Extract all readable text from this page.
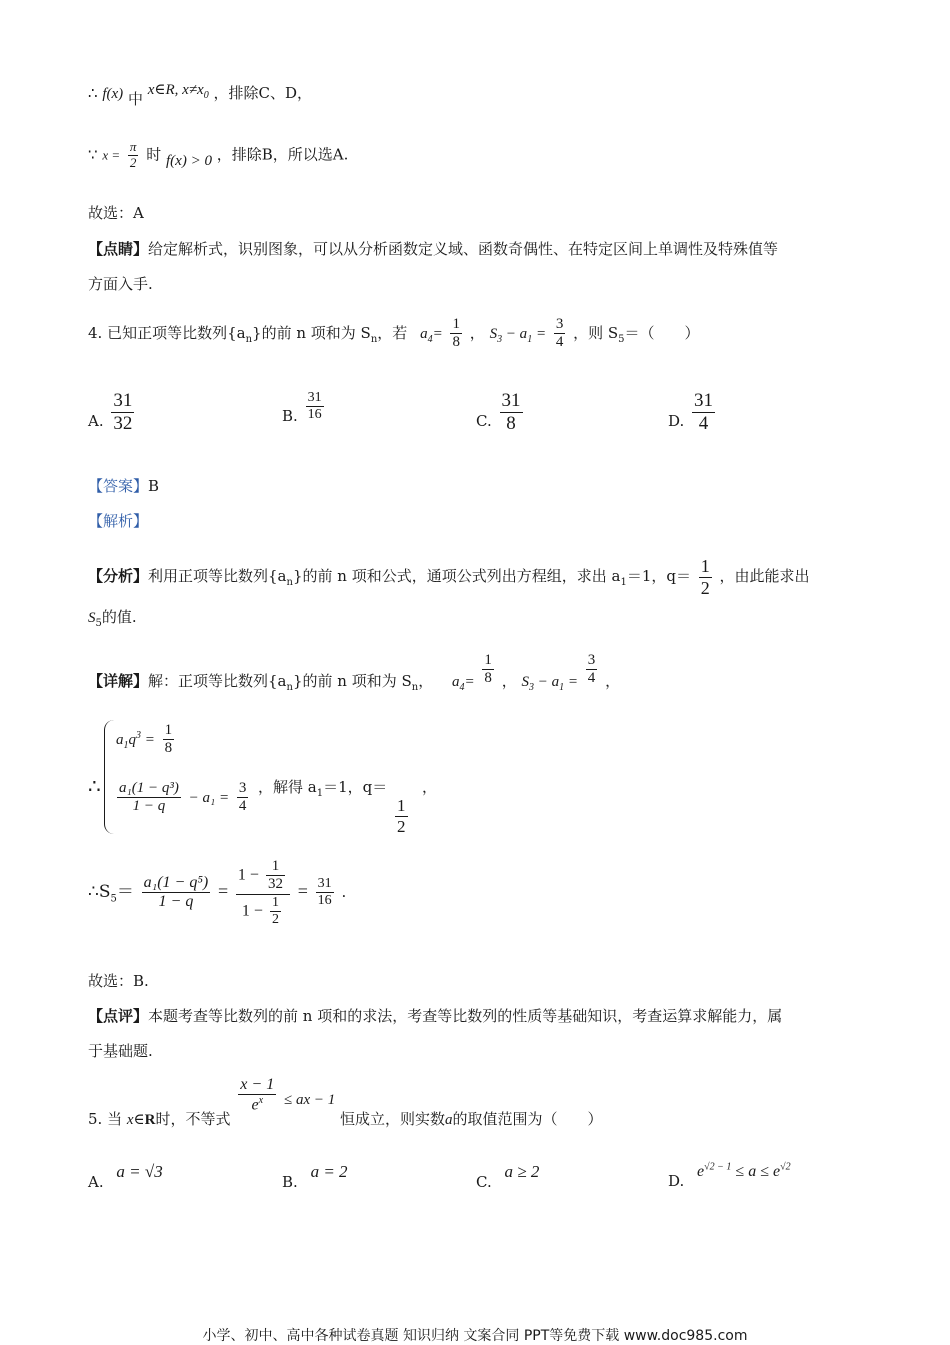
∴ f(x) 中 x∈R, $x\ne x_0$ ，排除C、D，
∵ $x = \frac{\pi}{2}$ 时 f(x) > 0 ，排除B，所以选A.
故选：A
【点睛】给定解析式，识别图象，可以从分析函数定义域、函数奇偶性、在特定区间上单调性及特殊值等
方面入手.
4. 已知正项等比数列$\{a_n\}$的前 n 项和为 $S_n$，若 $a_4= \frac{1}{8}$ ， $S_3 - a_1 = \frac{3}{4}$ ，则 $S_5=$（　　）
A. $\frac{31}{32}$	B. $\frac{31}{16}$	C. $\frac{31}{8}$	D. $\frac{31}{4}$
【答案】B
【解析】
【分析】利用正项等比数列$\{a_n\}$的前 n 项和公式，通项公式列出方程组，求出 $a_1=1$，$q= \frac{1}{2}$ ，由此能求出
$S_5$的值.
【详解】解：正项等比数列$\{a_n\}$的前 n 项和为 $S_n$， $a_4= \frac{1}{8}$ ， $S_3 - a_1 = \frac{3}{4}$ ，
∴
$a_1q^3 = \frac{1}{8}$
$\frac{\text{a₁(1 − q³)}}{1 - q} - a_1 = \frac{3}{4}$ ，解得 $a_1=1$，q＝ ，
$\frac{1}{2}$
$\therefore S_5= \frac{\text{a₁(1 − q⁵)}}{1 - q} = \frac{1 - \frac{1}{32}}{1 - \frac{1}{2}} = \frac{31}{16}$ .
故选：B.
【点评】本题考查等比数列的前 n 项和的求法，考查等比数列的性质等基础知识，考查运算求解能力，属
于基础题.
5. 当 x∈R时，不等式
$\frac{x - 1}{e^x}$ ≤ ax − 1 恒成立，则实数a的取值范围为（　　）
A. a = √3
B. a = 2
C. a ≥ 2
D. $e^{√2 - 1} \le a \le e^{√2}$
小学、初中、高中各种试卷真题 知识归纳 文案合同 PPT等免费下载 www.doc985.com
